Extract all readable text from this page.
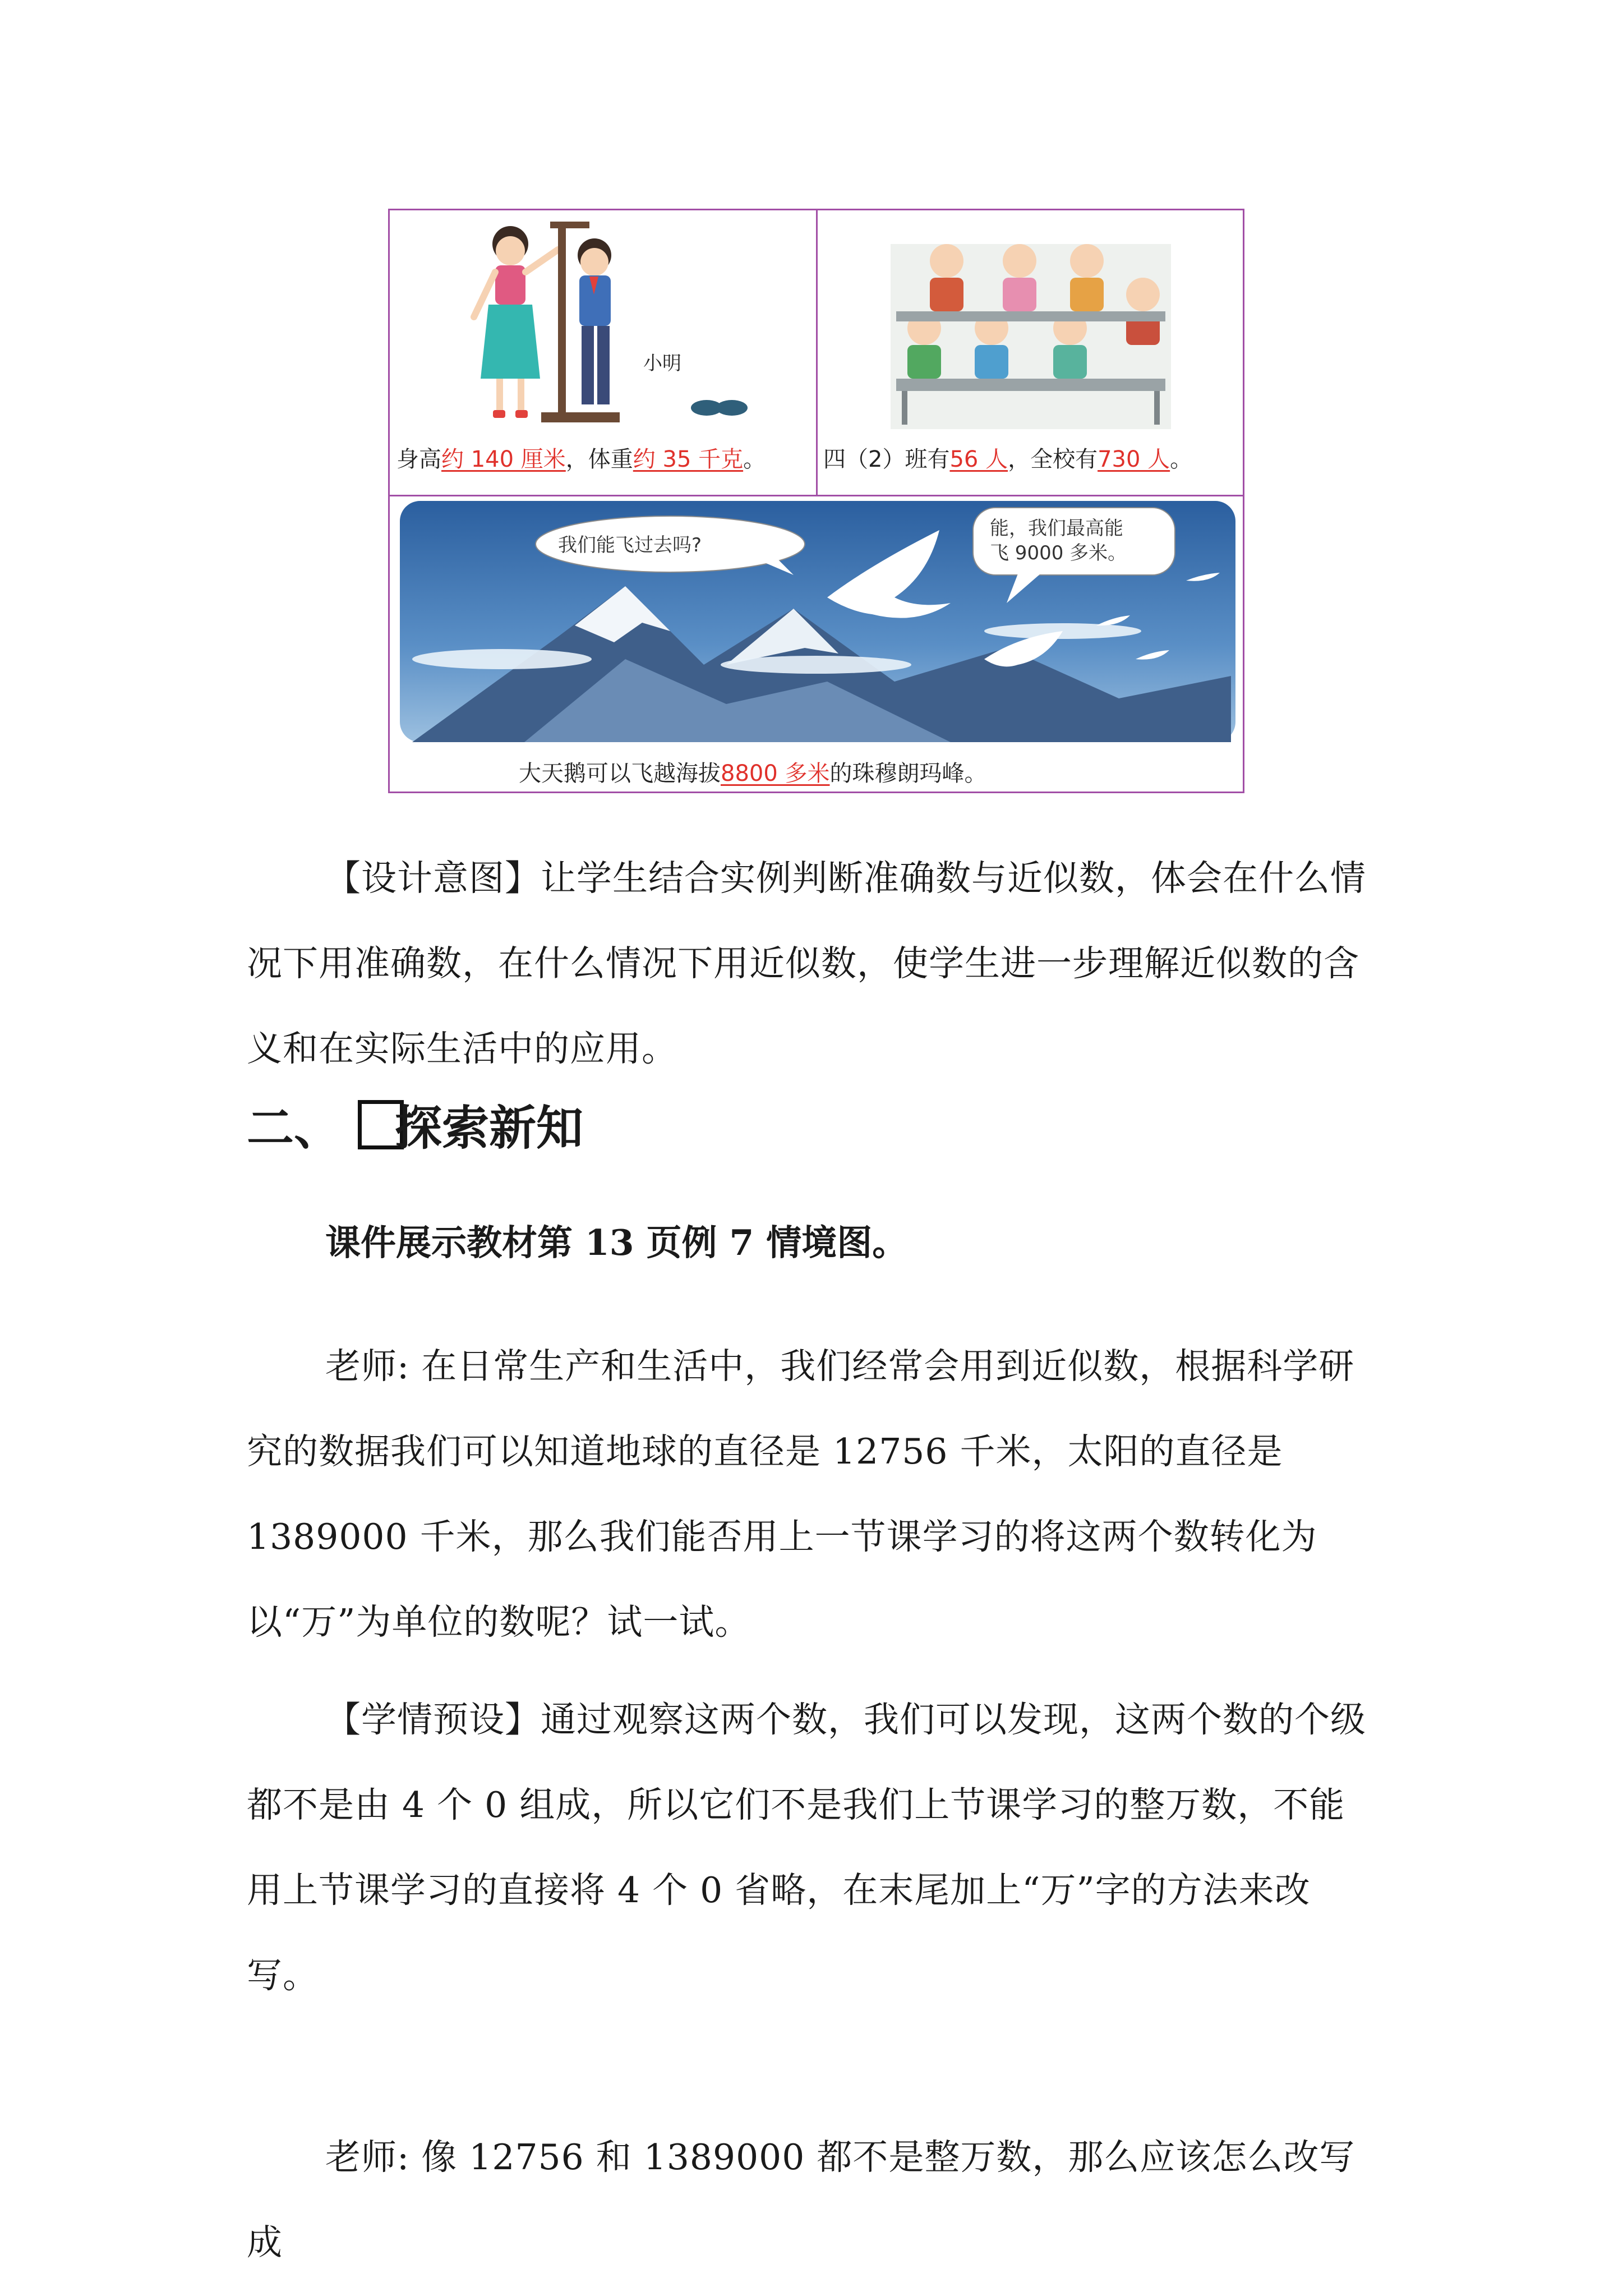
小明
身高约 140 厘米，体重约 35 千克。	四（2）班有56 人，全校有730 人。
我们能飞过去吗?
能，我们最高能
飞 9000 多米。
大天鹅可以飞越海拔8800 多米的珠穆朗玛峰。

【设计意图】让学生结合实例判断准确数与近似数，体会在什么情况下用准确数，在什么情况下用近似数，使学生进一步理解近似数的含义和在实际生活中的应用。

二、 探索新知

课件展示教材第 13 页例 7 情境图。

老师: 在日常生产和生活中，我们经常会用到近似数，根据科学研究的数据我们可以知道地球的直径是 12756 千米，太阳的直径是 1389000 千米，那么我们能否用上一节课学习的将这两个数转化为以“万”为单位的数呢？试一试。

【学情预设】通过观察这两个数，我们可以发现，这两个数的个级都不是由 4 个 0 组成，所以它们不是我们上节课学习的整万数，不能用上节课学习的直接将 4 个 0 省略，在末尾加上“万”字的方法来改写。

老师: 像 12756 和 1389000 都不是整万数，那么应该怎么改写成
